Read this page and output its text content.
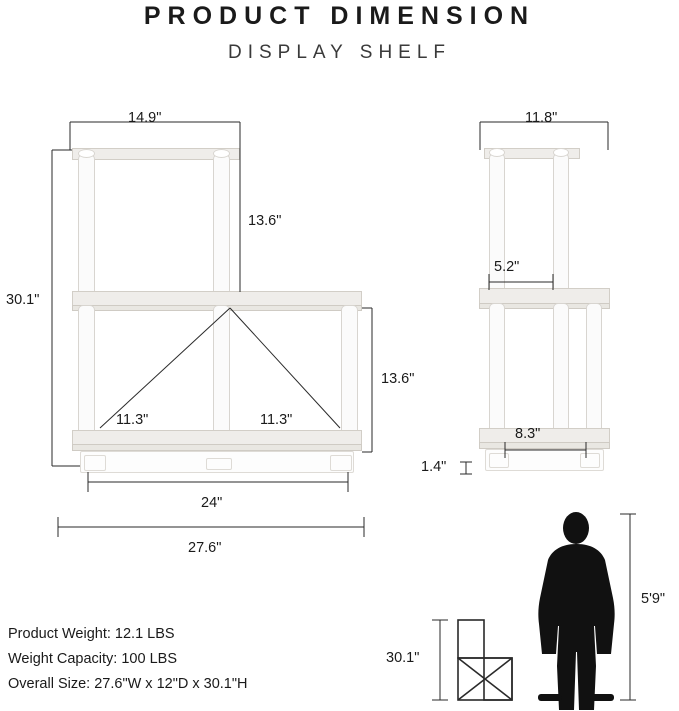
PRODUCT DIMENSION
DISPLAY SHELF
14.9"
13.6"
30.1"
11.3"	11.3"
13.6"
24"
27.6"
11.8"
5.2"
8.3"
1.4"
5'9"
30.1"
Product Weight: 12.1 LBS
Weight Capacity: 100 LBS
Overall Size: 27.6"W x 12"D x 30.1"H
